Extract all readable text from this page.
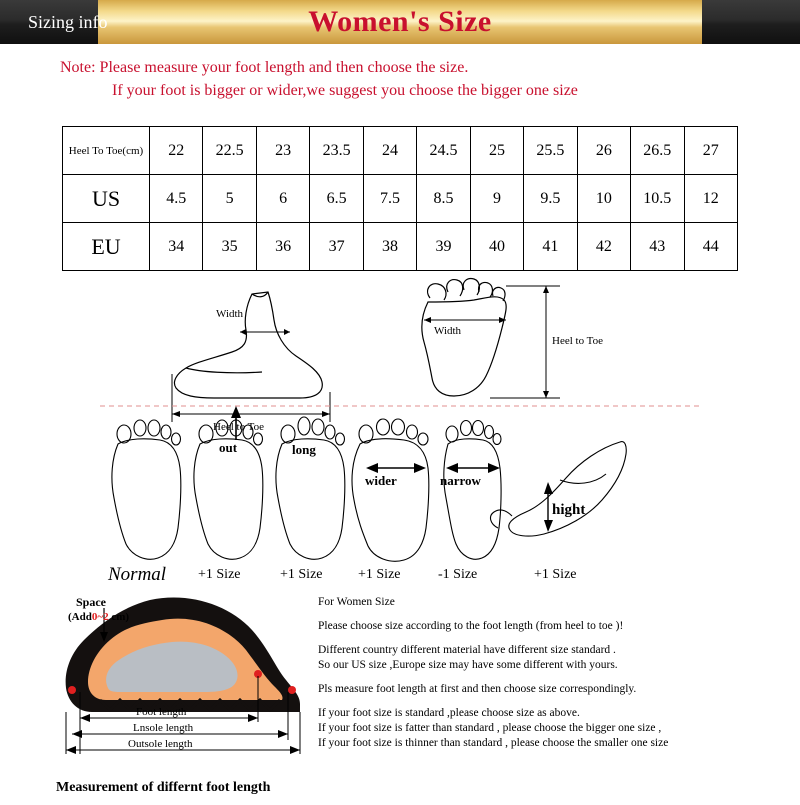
Sizing info	Women's Size
Note: Please measure your foot length and then choose the size.
If your foot is bigger or wider,we suggest you choose the bigger one size
Heel To Toe(cm)	22	22.5	23	23.5	24	24.5	25	25.5	26	26.5	27
US	4.5	5	6	6.5	7.5	8.5	9	9.5	10	10.5	12
EU	34	35	36	37	38	39	40	41	42	43	44
Width
Heel to Toe
Width
Heel to Toe
Normal
out
+1 Size
long
+1 Size
wider
+1 Size
narrow
-1 Size
hight
+1 Size
Space
(Add0~2 cm)
Foot length
Lnsole length
Outsole length
Measurement of differnt foot length

For Women Size

Please choose size according to the foot length (from heel to toe )!

Different country different material have different size standard .

So our US size ,Europe size may have some different with yours.

Pls measure foot length at first and then choose size correspondingly.

If your foot size is standard ,please choose size as above.

If your foot size is fatter than standard , please choose the bigger one size ,

If your foot size is thinner than standard , please choose the smaller one size
